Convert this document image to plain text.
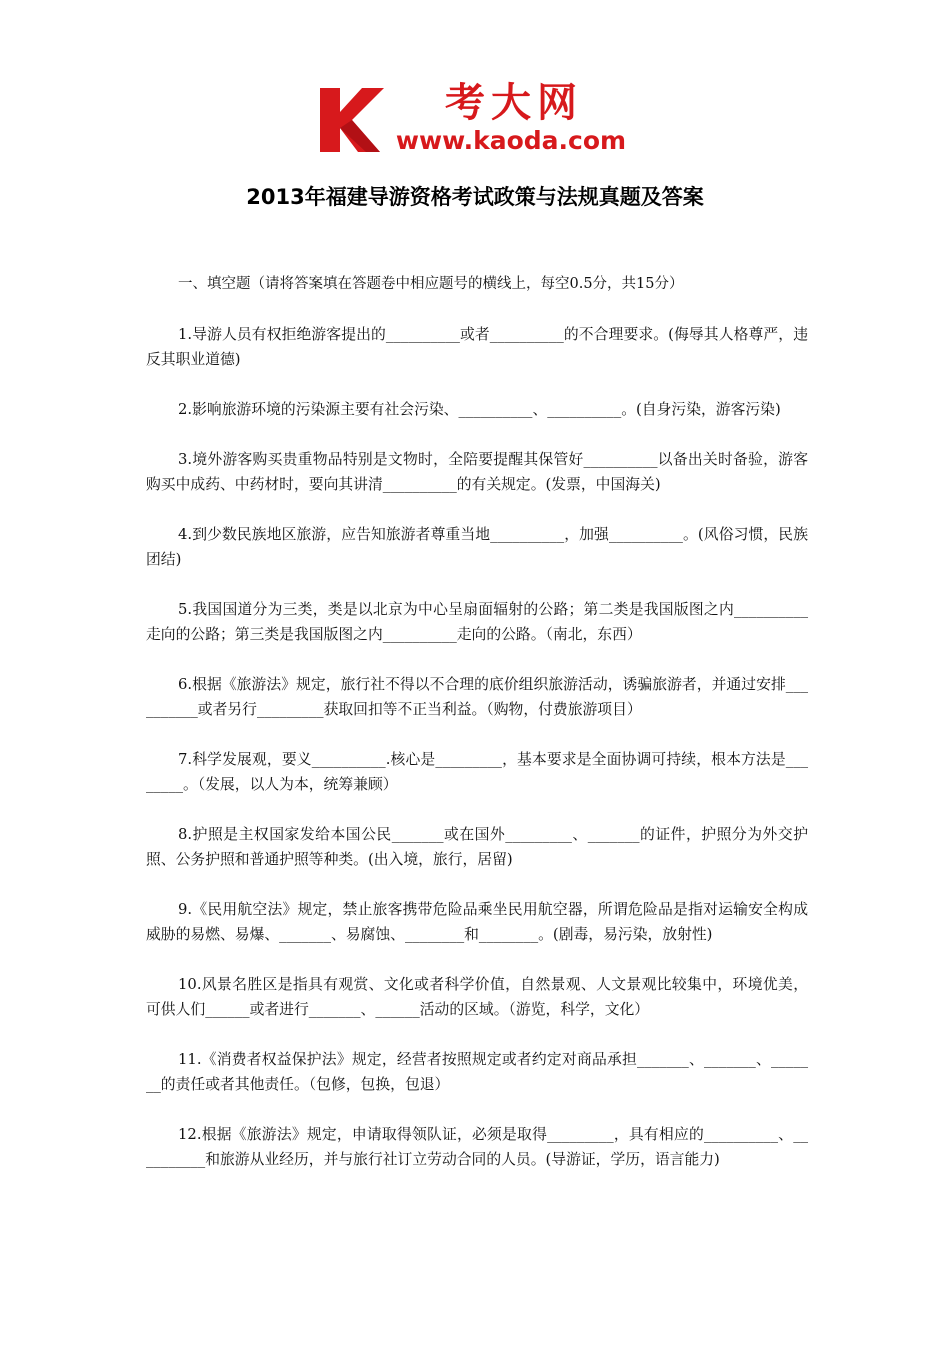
考大网
www.kaoda.com
2013年福建导游资格考试政策与法规真题及答案
一、填空题（请将答案填在答题卷中相应题号的横线上，每空0.5分，共15分）

1.导游人员有权拒绝游客提出的__________或者__________的不合理要求。(侮辱其人格尊严，违反其职业道德)

2.影响旅游环境的污染源主要有社会污染、__________、__________。(自身污染，游客污染)

3.境外游客购买贵重物品特别是文物时，全陪要提醒其保管好__________以备出关时备验，游客购买中成药、中药材时，要向其讲清__________的有关规定。(发票，中国海关)

4.到少数民族地区旅游，应告知旅游者尊重当地__________，加强__________。(风俗习惯，民族团结)

5.我国国道分为三类，类是以北京为中心呈扇面辐射的公路；第二类是我国版图之内__________走向的公路；第三类是我国版图之内__________走向的公路。（南北，东西）

6.根据《旅游法》规定，旅行社不得以不合理的底价组织旅游活动，诱骗旅游者，并通过安排__________或者另行_________获取回扣等不正当利益。（购物，付费旅游项目）

7.科学发展观，要义__________.核心是_________，基本要求是全面协调可持续，根本方法是________。（发展，以人为本，统筹兼顾）

8.护照是主权国家发给本国公民_______或在国外_________、_______的证件，护照分为外交护照、公务护照和普通护照等种类。(出入境，旅行，居留)

9.《民用航空法》规定，禁止旅客携带危险品乘坐民用航空器，所谓危险品是指对运输安全构成威胁的易燃、易爆、_______、易腐蚀、________和________。(剧毒，易污染，放射性)

10.风景名胜区是指具有观赏、文化或者科学价值，自然景观、人文景观比较集中，环境优美，可供人们______或者进行_______、______活动的区域。（游览，科学，文化）

11.《消费者权益保护法》规定，经营者按照规定或者约定对商品承担_______、_______、_______的责任或者其他责任。（包修，包换，包退）

12.根据《旅游法》规定，申请取得领队证，必须是取得_________，具有相应的__________、__________和旅游从业经历，并与旅行社订立劳动合同的人员。(导游证，学历，语言能力)
